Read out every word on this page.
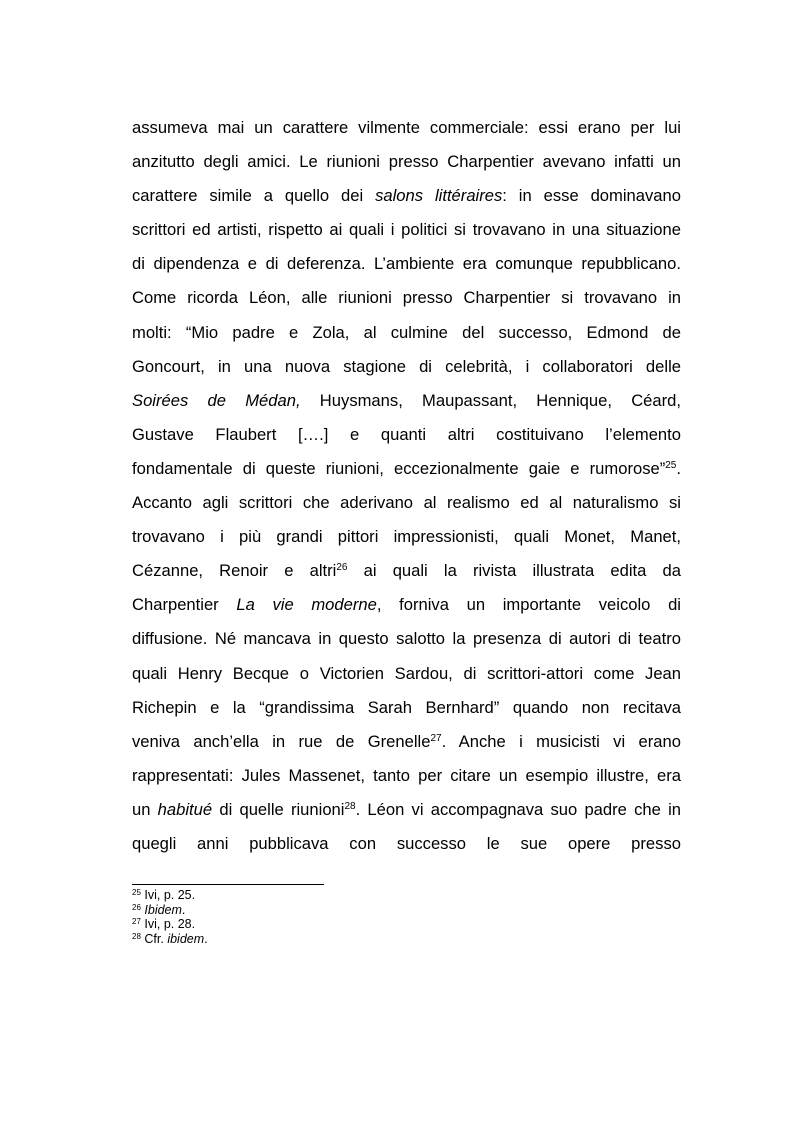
assumeva mai un carattere vilmente commerciale: essi erano per lui
anzitutto degli amici. Le riunioni presso Charpentier avevano infatti un
carattere simile a quello dei salons littéraires: in esse dominavano
scrittori ed artisti, rispetto ai quali i politici si trovavano in una situazione
di dipendenza e di deferenza. L’ambiente era comunque repubblicano.
Come ricorda Léon, alle riunioni presso Charpentier si trovavano in
molti: “Mio padre e Zola, al culmine del successo, Edmond de
Goncourt, in una nuova stagione di celebrità, i collaboratori delle
Soirées de Médan, Huysmans, Maupassant, Hennique, Céard,
Gustave Flaubert [….] e quanti altri costituivano l’elemento
fondamentale di queste riunioni, eccezionalmente gaie e rumorose”$^{25}$.
Accanto agli scrittori che aderivano al realismo ed al naturalismo si
trovavano i più grandi pittori impressionisti, quali Monet, Manet,
Cézanne, Renoir e altri$^{26}$ ai quali la rivista illustrata edita da
Charpentier La vie moderne, forniva un importante veicolo di
diffusione. Né mancava in questo salotto la presenza di autori di teatro
quali Henry Becque o Victorien Sardou, di scrittori-attori come Jean
Richepin e la “grandissima Sarah Bernhard” quando non recitava
veniva anch’ella in rue de Grenelle$^{27}$. Anche i musicisti vi erano
rappresentati: Jules Massenet, tanto per citare un esempio illustre, era
un habitué di quelle riunioni$^{28}$. Léon vi accompagnava suo padre che in
quegli anni pubblicava con successo le sue opere presso
$^{25}$ Ivi, p. 25.
$^{26}$ Ibidem.
$^{27}$ Ivi, p. 28.
$^{28}$ Cfr. ibidem.
